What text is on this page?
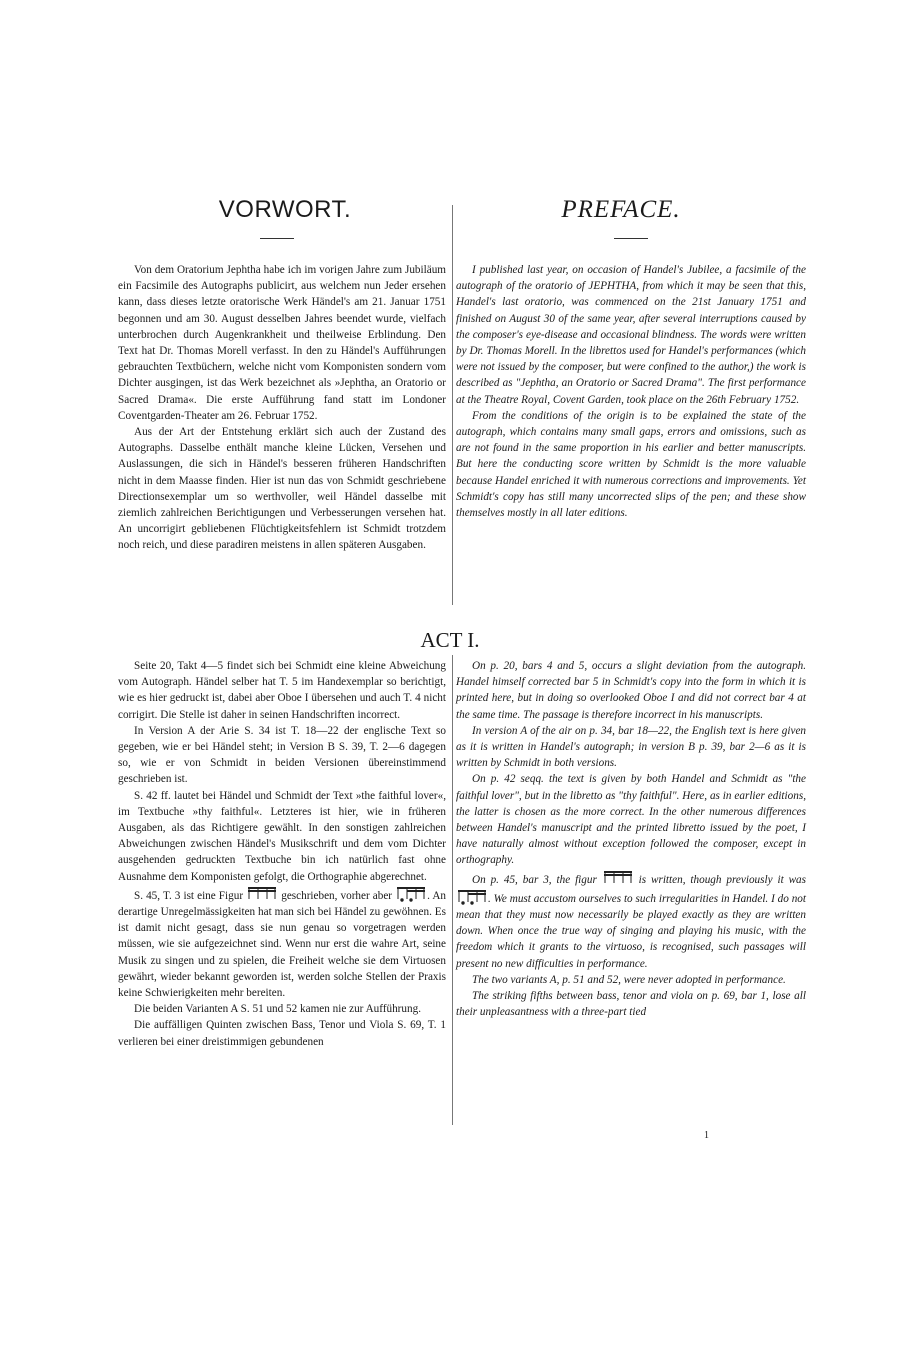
VORWORT.	PREFACE.

Von dem Oratorium Jephtha habe ich im vorigen Jahre zum Jubiläum ein Facsimile des Autographs publicirt, aus welchem nun Jeder ersehen kann, dass dieses letzte oratorische Werk Händel's am 21. Januar 1751 begonnen und am 30. August desselben Jahres beendet wurde, vielfach unterbrochen durch Augenkrankheit und theilweise Erblindung. Den Text hat Dr. Thomas Morell verfasst. In den zu Händel's Aufführungen gebrauchten Textbüchern, welche nicht vom Komponisten sondern vom Dichter ausgingen, ist das Werk bezeichnet als »Jephtha, an Oratorio or Sacred Drama«. Die erste Aufführung fand statt im Londoner Coventgarden-Theater am 26. Februar 1752.

Aus der Art der Entstehung erklärt sich auch der Zustand des Autographs. Dasselbe enthält manche kleine Lücken, Versehen und Auslassungen, die sich in Händel's besseren früheren Handschriften nicht in dem Maasse finden. Hier ist nun das von Schmidt geschriebene Directionsexemplar um so werthvoller, weil Händel dasselbe mit ziemlich zahlreichen Berichtigungen und Verbesserungen versehen hat. An uncorrigirt gebliebenen Flüchtigkeitsfehlern ist Schmidt trotzdem noch reich, und diese paradiren meistens in allen späteren Ausgaben.

I published last year, on occasion of Handel's Jubilee, a facsimile of the autograph of the oratorio of JEPHTHA, from which it may be seen that this, Handel's last oratorio, was commenced on the 21st January 1751 and finished on August 30 of the same year, after several interruptions caused by the composer's eye-disease and occasional blindness. The words were written by Dr. Thomas Morell. In the librettos used for Handel's performances (which were not issued by the composer, but were confined to the author,) the work is described as "Jephtha, an Oratorio or Sacred Drama". The first performance at the Theatre Royal, Covent Garden, took place on the 26th February 1752.

From the conditions of the origin is to be explained the state of the autograph, which contains many small gaps, errors and omissions, such as are not found in the same proportion in his earlier and better manuscripts. But here the conducting score written by Schmidt is the more valuable because Handel enriched it with numerous corrections and improvements. Yet Schmidt's copy has still many uncorrected slips of the pen; and these show themselves mostly in all later editions.

ACT I.

Seite 20, Takt 4—5 findet sich bei Schmidt eine kleine Abweichung vom Autograph. Händel selber hat T. 5 im Handexemplar so berichtigt, wie es hier gedruckt ist, dabei aber Oboe I übersehen und auch T. 4 nicht corrigirt. Die Stelle ist daher in seinen Handschriften incorrect.

In Version A der Arie S. 34 ist T. 18—22 der englische Text so gegeben, wie er bei Händel steht; in Version B S. 39, T. 2—6 dagegen so, wie er von Schmidt in beiden Versionen übereinstimmend geschrieben ist.

S. 42 ff. lautet bei Händel und Schmidt der Text »the faithful lover«, im Textbuche »thy faithful«. Letzteres ist hier, wie in früheren Ausgaben, als das Richtigere gewählt. In den sonstigen zahlreichen Abweichungen zwischen Händel's Musikschrift und dem vom Dichter ausgehenden gedruckten Textbuche bin ich natürlich fast ohne Ausnahme dem Komponisten gefolgt, die Orthographie abgerechnet.

S. 45, T. 3 ist eine Figur	geschrieben, vorher aber	. An derartige Unregelmässigkeiten hat man sich bei Händel zu gewöhnen. Es ist damit nicht gesagt, dass sie nun genau so vorgetragen werden müssen, wie sie aufgezeichnet sind. Wenn nur erst die wahre Art, seine Musik zu singen und zu spielen, die Freiheit welche sie dem Virtuosen gewährt, wieder bekannt geworden ist, werden solche Stellen der Praxis keine Schwierigkeiten mehr bereiten.

Die beiden Varianten A S. 51 und 52 kamen nie zur Aufführung.

Die auffälligen Quinten zwischen Bass, Tenor und Viola S. 69, T. 1 verlieren bei einer dreistimmigen gebundenen

On p. 20, bars 4 and 5, occurs a slight deviation from the autograph. Handel himself corrected bar 5 in Schmidt's copy into the form in which it is printed here, but in doing so overlooked Oboe I and did not correct bar 4 at the same time. The passage is therefore incorrect in his manuscripts.

In version A of the air on p. 34, bar 18—22, the English text is here given as it is written in Handel's autograph; in version B p. 39, bar 2—6 as it is written by Schmidt in both versions.

On p. 42 seqq. the text is given by both Handel and Schmidt as "the faithful lover", but in the libretto as "thy faithful". Here, as in earlier editions, the latter is chosen as the more correct. In the other numerous differences between Handel's manuscript and the printed libretto issued by the poet, I have naturally almost without exception followed the composer, except in orthography.

On p. 45, bar 3, the figur	is written, though previously it was . We must accustom ourselves to such irregularities in Handel. I do not mean that they must now necessarily be played exactly as they are written down. When once the true way of singing and playing his music, with the freedom which it grants to the virtuoso, is recognised, such passages will present no new difficulties in performance.

The two variants A, p. 51 and 52, were never adopted in performance.

The striking fifths between bass, tenor and viola on p. 69, bar 1, lose all their unpleasantness with a three-part tied

1
